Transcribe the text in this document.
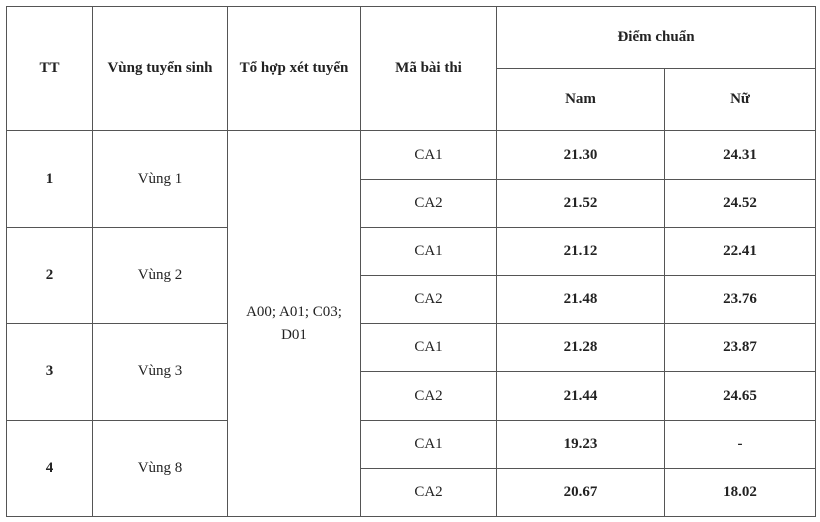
TT	Vùng tuyển sinh	Tổ hợp xét tuyển	Mã bài thi	Điểm chuẩn	
				Nam	Nữ
1	Vùng 1	A00; A01; C03; D01	CA1	21.30	24.31
			CA2	21.52	24.52
2	Vùng 2		CA1	21.12	22.41
			CA2	21.48	23.76
3	Vùng 3		CA1	21.28	23.87
			CA2	21.44	24.65
4	Vùng 8		CA1	19.23	-
			CA2	20.67	18.02
